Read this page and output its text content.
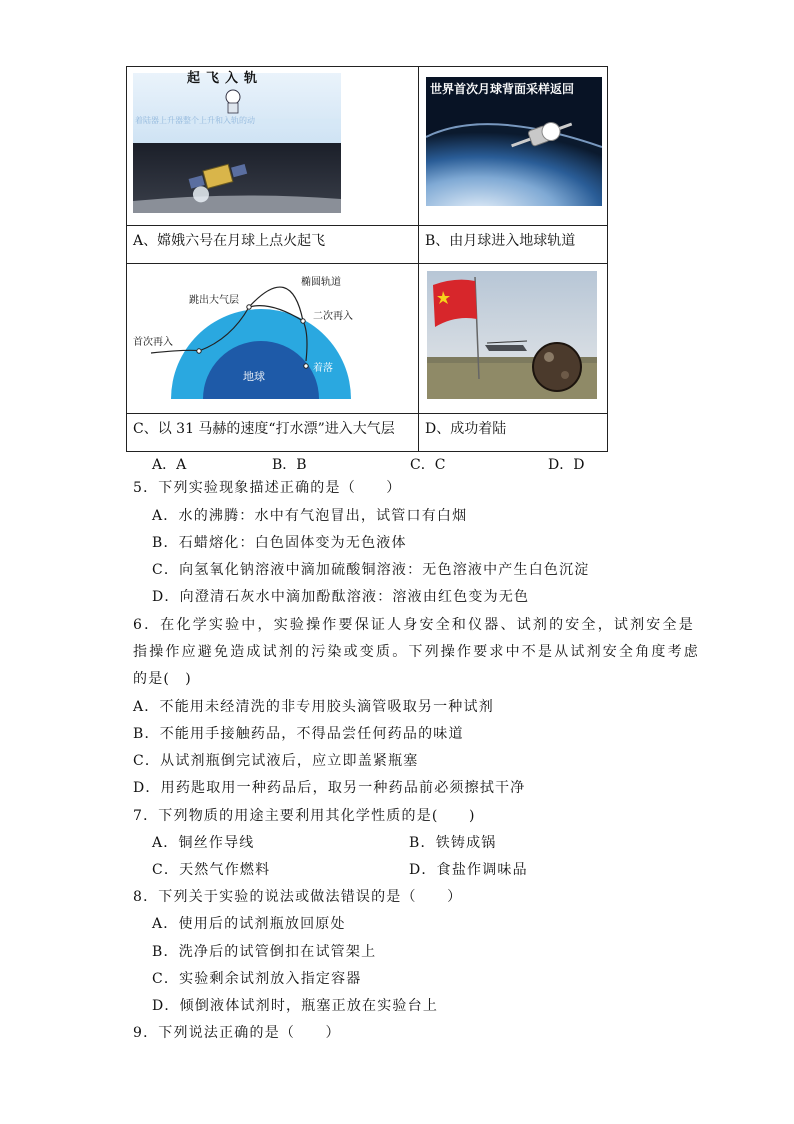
起飞入轨
着陆器上升器整个上升和入轨的动
世界首次月球背面采样返回
A、嫦娥六号在月球上点火起飞	B、由月球进入地球轨道
椭圆轨道
跳出大气层
二次再入
首次再入
地球
着落
C、以 31 马赫的速度“打水漂”进入大气层 D、成功着陆
A．A	B．B	C．C	D．D
5．下列实验现象描述正确的是（　　）
A．水的沸腾：水中有气泡冒出，试管口有白烟
B．石蜡熔化：白色固体变为无色液体
C．向氢氧化钠溶液中滴加硫酸铜溶液：无色溶液中产生白色沉淀
D．向澄清石灰水中滴加酚酞溶液：溶液由红色变为无色
6．在化学实验中，实验操作要保证人身安全和仪器、试剂的安全，试剂安全是
指操作应避免造成试剂的污染或变质。下列操作要求中不是从试剂安全角度考虑
的是(　)
A．不能用未经清洗的非专用胶头滴管吸取另一种试剂
B．不能用手接触药品，不得品尝任何药品的味道
C．从试剂瓶倒完试液后，应立即盖紧瓶塞
D．用药匙取用一种药品后，取另一种药品前必须擦拭干净
7．下列物质的用途主要利用其化学性质的是(　　)
A．铜丝作导线	B．铁铸成锅
C．天然气作燃料	D．食盐作调味品
8．下列关于实验的说法或做法错误的是（　　）
A．使用后的试剂瓶放回原处
B．洗净后的试管倒扣在试管架上
C．实验剩余试剂放入指定容器
D．倾倒液体试剂时，瓶塞正放在实验台上
9．下列说法正确的是（　　）
